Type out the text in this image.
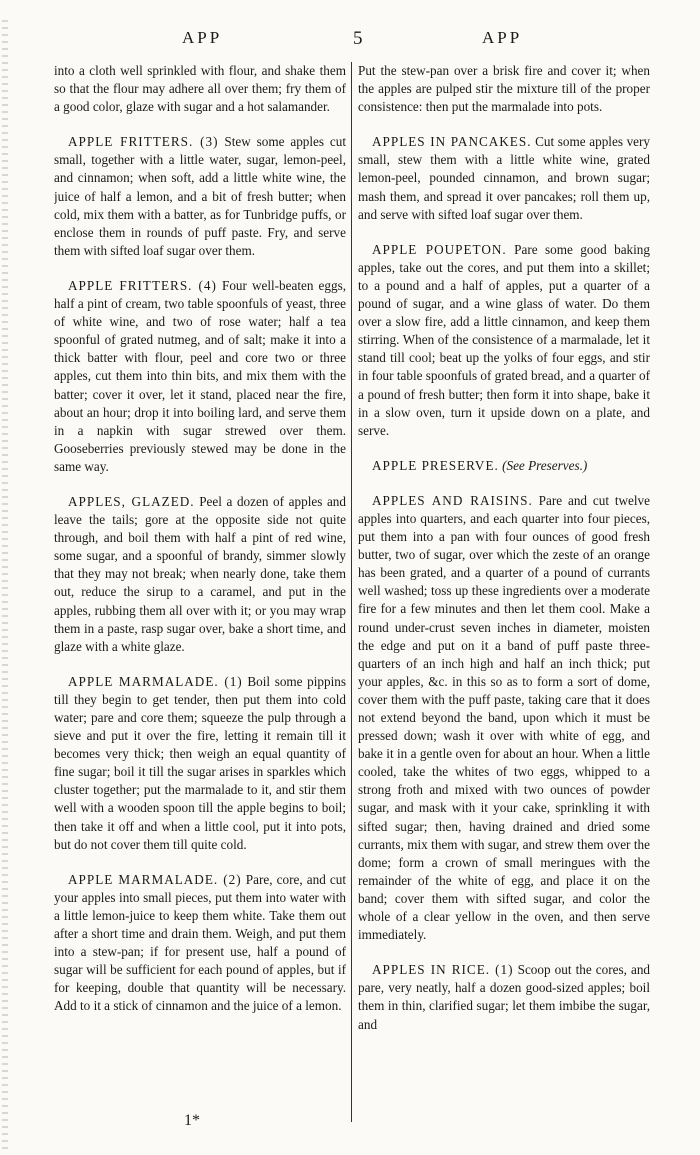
APP	5	APP

into a cloth well sprinkled with flour, and shake them so that the flour may adhere all over them; fry them of a good color, glaze with sugar and a hot salamander.

APPLE FRITTERS. (3) Stew some apples cut small, together with a little water, sugar, lemon-peel, and cinnamon; when soft, add a little white wine, the juice of half a lemon, and a bit of fresh butter; when cold, mix them with a batter, as for Tunbridge puffs, or enclose them in rounds of puff paste. Fry, and serve them with sifted loaf sugar over them.

APPLE FRITTERS. (4) Four well-beaten eggs, half a pint of cream, two table spoonfuls of yeast, three of white wine, and two of rose water; half a tea spoonful of grated nutmeg, and of salt; make it into a thick batter with flour, peel and core two or three apples, cut them into thin bits, and mix them with the batter; cover it over, let it stand, placed near the fire, about an hour; drop it into boiling lard, and serve them in a napkin with sugar strewed over them. Gooseberries previously stewed may be done in the same way.

APPLES, GLAZED. Peel a dozen of apples and leave the tails; gore at the opposite side not quite through, and boil them with half a pint of red wine, some sugar, and a spoonful of brandy, simmer slowly that they may not break; when nearly done, take them out, reduce the sirup to a caramel, and put in the apples, rubbing them all over with it; or you may wrap them in a paste, rasp sugar over, bake a short time, and glaze with a white glaze.

APPLE MARMALADE. (1) Boil some pippins till they begin to get tender, then put them into cold water; pare and core them; squeeze the pulp through a sieve and put it over the fire, letting it remain till it becomes very thick; then weigh an equal quantity of fine sugar; boil it till the sugar arises in sparkles which cluster together; put the marmalade to it, and stir them well with a wooden spoon till the apple begins to boil; then take it off and when a little cool, put it into pots, but do not cover them till quite cold.

APPLE MARMALADE. (2) Pare, core, and cut your apples into small pieces, put them into water with a little lemon-juice to keep them white. Take them out after a short time and drain them. Weigh, and put them into a stew-pan; if for present use, half a pound of sugar will be sufficient for each pound of apples, but if for keeping, double that quantity will be necessary. Add to it a stick of cinnamon and the juice of a lemon.

Put the stew-pan over a brisk fire and cover it; when the apples are pulped stir the mixture till of the proper consistence: then put the marmalade into pots.

APPLES IN PANCAKES. Cut some apples very small, stew them with a little white wine, grated lemon-peel, pounded cinnamon, and brown sugar; mash them, and spread it over pancakes; roll them up, and serve with sifted loaf sugar over them.

APPLE POUPETON. Pare some good baking apples, take out the cores, and put them into a skillet; to a pound and a half of apples, put a quarter of a pound of sugar, and a wine glass of water. Do them over a slow fire, add a little cinnamon, and keep them stirring. When of the consistence of a marmalade, let it stand till cool; beat up the yolks of four eggs, and stir in four table spoonfuls of grated bread, and a quarter of a pound of fresh butter; then form it into shape, bake it in a slow oven, turn it upside down on a plate, and serve.

APPLE PRESERVE. (See Preserves.)

APPLES AND RAISINS. Pare and cut twelve apples into quarters, and each quarter into four pieces, put them into a pan with four ounces of good fresh butter, two of sugar, over which the zeste of an orange has been grated, and a quarter of a pound of currants well washed; toss up these ingredients over a moderate fire for a few minutes and then let them cool. Make a round under-crust seven inches in diameter, moisten the edge and put on it a band of puff paste three-quarters of an inch high and half an inch thick; put your apples, &c. in this so as to form a sort of dome, cover them with the puff paste, taking care that it does not extend beyond the band, upon which it must be pressed down; wash it over with white of egg, and bake it in a gentle oven for about an hour. When a little cooled, take the whites of two eggs, whipped to a strong froth and mixed with two ounces of powder sugar, and mask with it your cake, sprinkling it with sifted sugar; then, having drained and dried some currants, mix them with sugar, and strew them over the dome; form a crown of small meringues with the remainder of the white of egg, and place it on the band; cover them with sifted sugar, and color the whole of a clear yellow in the oven, and then serve immediately.

APPLES IN RICE. (1) Scoop out the cores, and pare, very neatly, half a dozen good-sized apples; boil them in thin, clarified sugar; let them imbibe the sugar, and

1*
